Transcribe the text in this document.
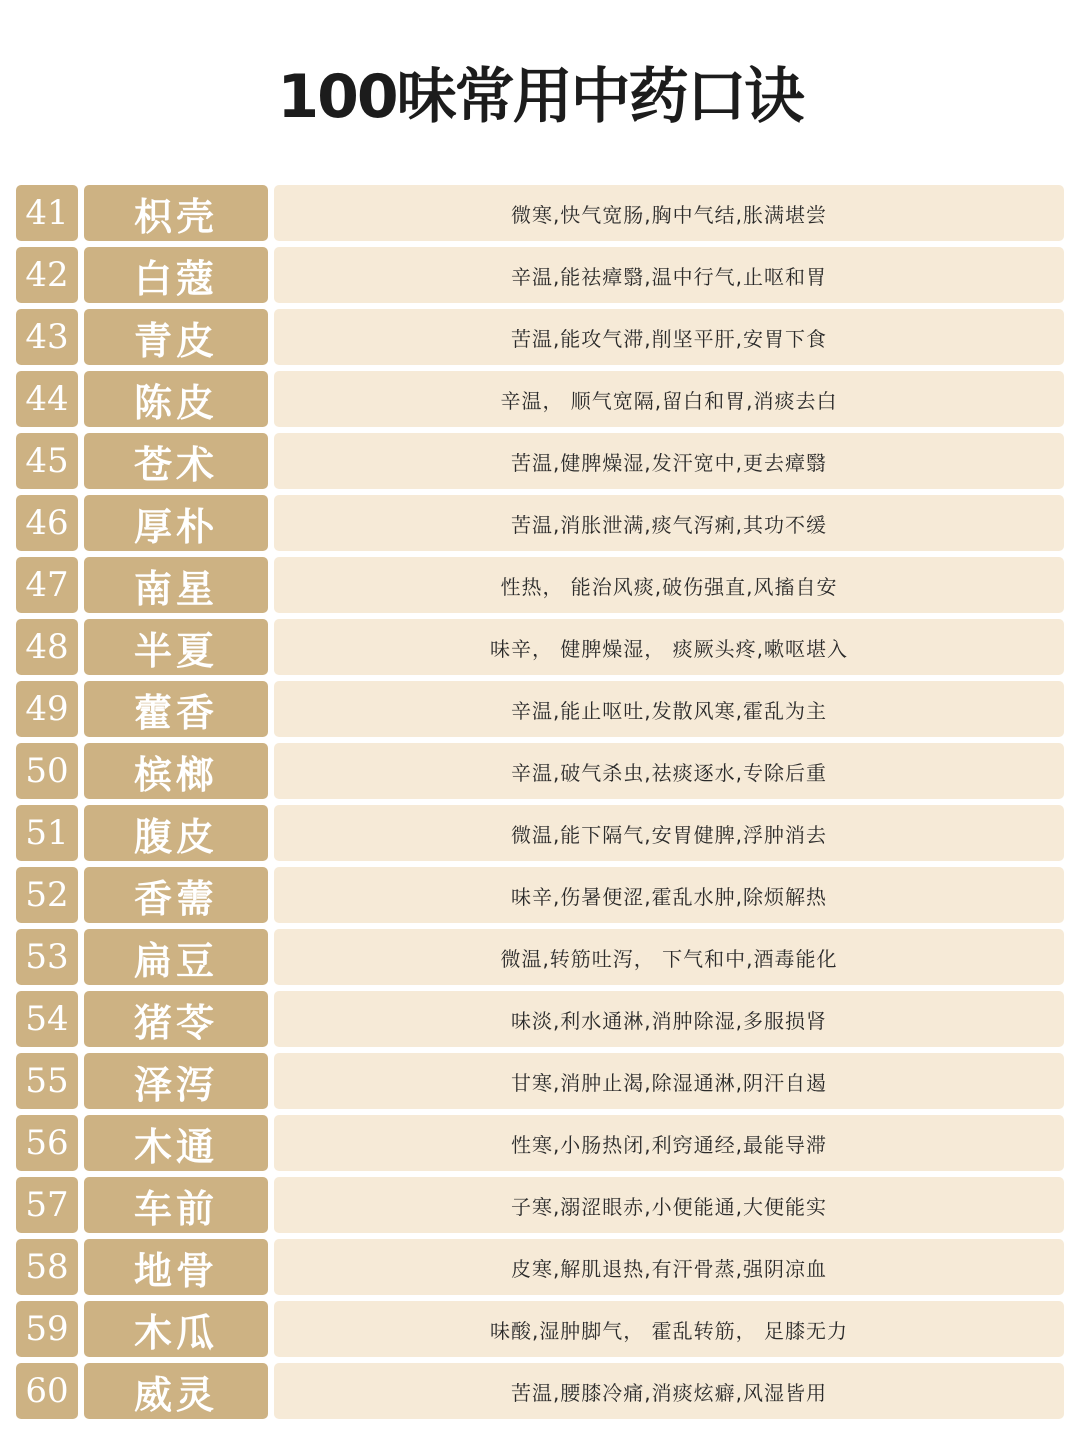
100味常用中药口诀
41	枳壳	微寒,快气宽肠,胸中气结,胀满堪尝
42	白蔻	辛温,能祛瘴翳,温中行气,止呕和胃
43	青皮	苦温,能攻气滞,削坚平肝,安胃下食
44	陈皮	辛温， 顺气宽隔,留白和胃,消痰去白
45	苍术	苦温,健脾燥湿,发汗宽中,更去瘴翳
46	厚朴	苦温,消胀泄满,痰气泻痢,其功不缓
47	南星	性热， 能治风痰,破伤强直,风搐自安
48	半夏	味辛， 健脾燥湿， 痰厥头疼,嗽呕堪入
49	藿香	辛温,能止呕吐,发散风寒,霍乱为主
50	槟榔	辛温,破气杀虫,祛痰逐水,专除后重
51	腹皮	微温,能下隔气,安胃健脾,浮肿消去
52	香薷	味辛,伤暑便涩,霍乱水肿,除烦解热
53	扁豆	微温,转筋吐泻， 下气和中,酒毒能化
54	猪苓	味淡,利水通淋,消肿除湿,多服损肾
55	泽泻	甘寒,消肿止渴,除湿通淋,阴汗自遏
56	木通	性寒,小肠热闭,利窍通经,最能导滞
57	车前	子寒,溺涩眼赤,小便能通,大便能实
58	地骨	皮寒,解肌退热,有汗骨蒸,强阴凉血
59	木瓜	味酸,湿肿脚气， 霍乱转筋， 足膝无力
60	威灵	苦温,腰膝冷痛,消痰炫癖,风湿皆用
